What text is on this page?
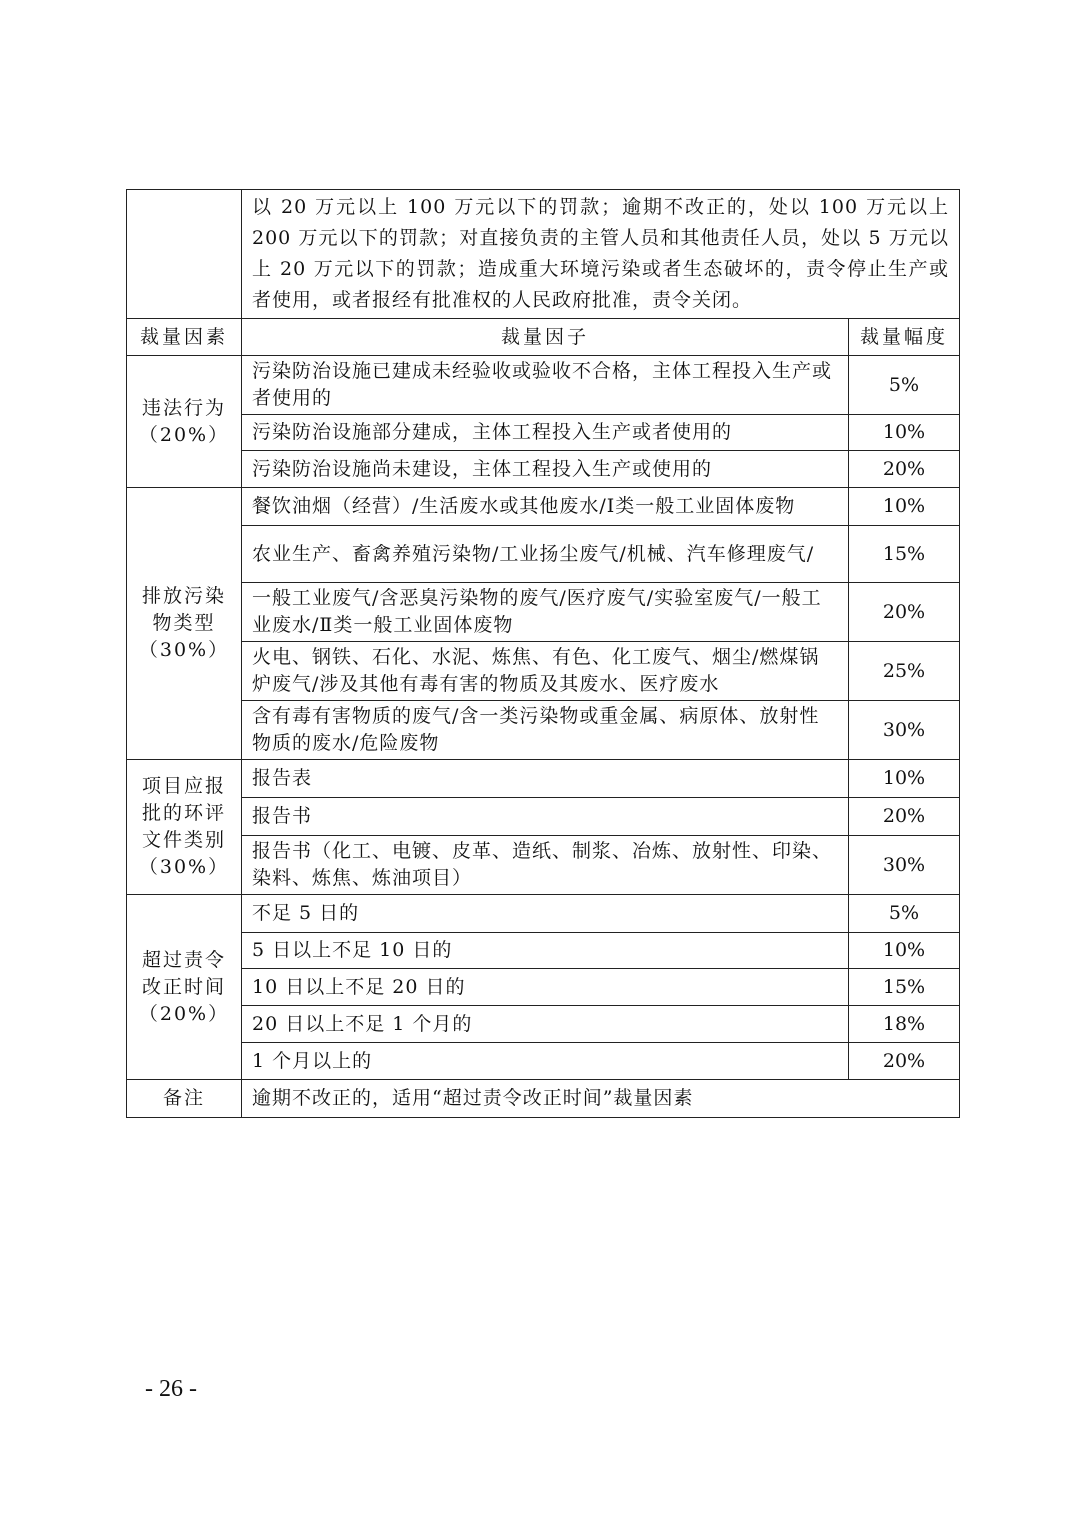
	以 20 万元以上 100 万元以下的罚款；逾期不改正的，处以 100 万元以上 200 万元以下的罚款；对直接负责的主管人员和其他责任人员，处以 5 万元以上 20 万元以下的罚款；造成重大环境污染或者生态破坏的，责令停止生产或者使用，或者报经有批准权的人民政府批准，责令关闭。	
裁量因素	裁量因子	裁量幅度
违法行为（20%）	污染防治设施已建成未经验收或验收不合格，主体工程投入生产或者使用的	5%
	污染防治设施部分建成，主体工程投入生产或者使用的	10%
	污染防治设施尚未建设，主体工程投入生产或使用的	20%
排放污染物类型（30%）	餐饮油烟（经营）/生活废水或其他废水/Ⅰ类一般工业固体废物	10%
	农业生产、畜禽养殖污染物/工业扬尘废气/机械、汽车修理废气/	15%
	一般工业废气/含恶臭污染物的废气/医疗废气/实验室废气/一般工业废水/Ⅱ类一般工业固体废物	20%
	火电、钢铁、石化、水泥、炼焦、有色、化工废气、烟尘/燃煤锅炉废气/涉及其他有毒有害的物质及其废水、医疗废水	25%
	含有毒有害物质的废气/含一类污染物或重金属、病原体、放射性物质的废水/危险废物	30%
项目应报批的环评文件类别（30%）	报告表	10%
	报告书	20%
	报告书（化工、电镀、皮革、造纸、制浆、冶炼、放射性、印染、染料、炼焦、炼油项目）	30%
超过责令改正时间（20%）	不足 5 日的	5%
	5 日以上不足 10 日的	10%
	10 日以上不足 20 日的	15%
	20 日以上不足 1 个月的	18%
	1 个月以上的	20%
备注	逾期不改正的，适用“超过责令改正时间”裁量因素	
- 26 -
